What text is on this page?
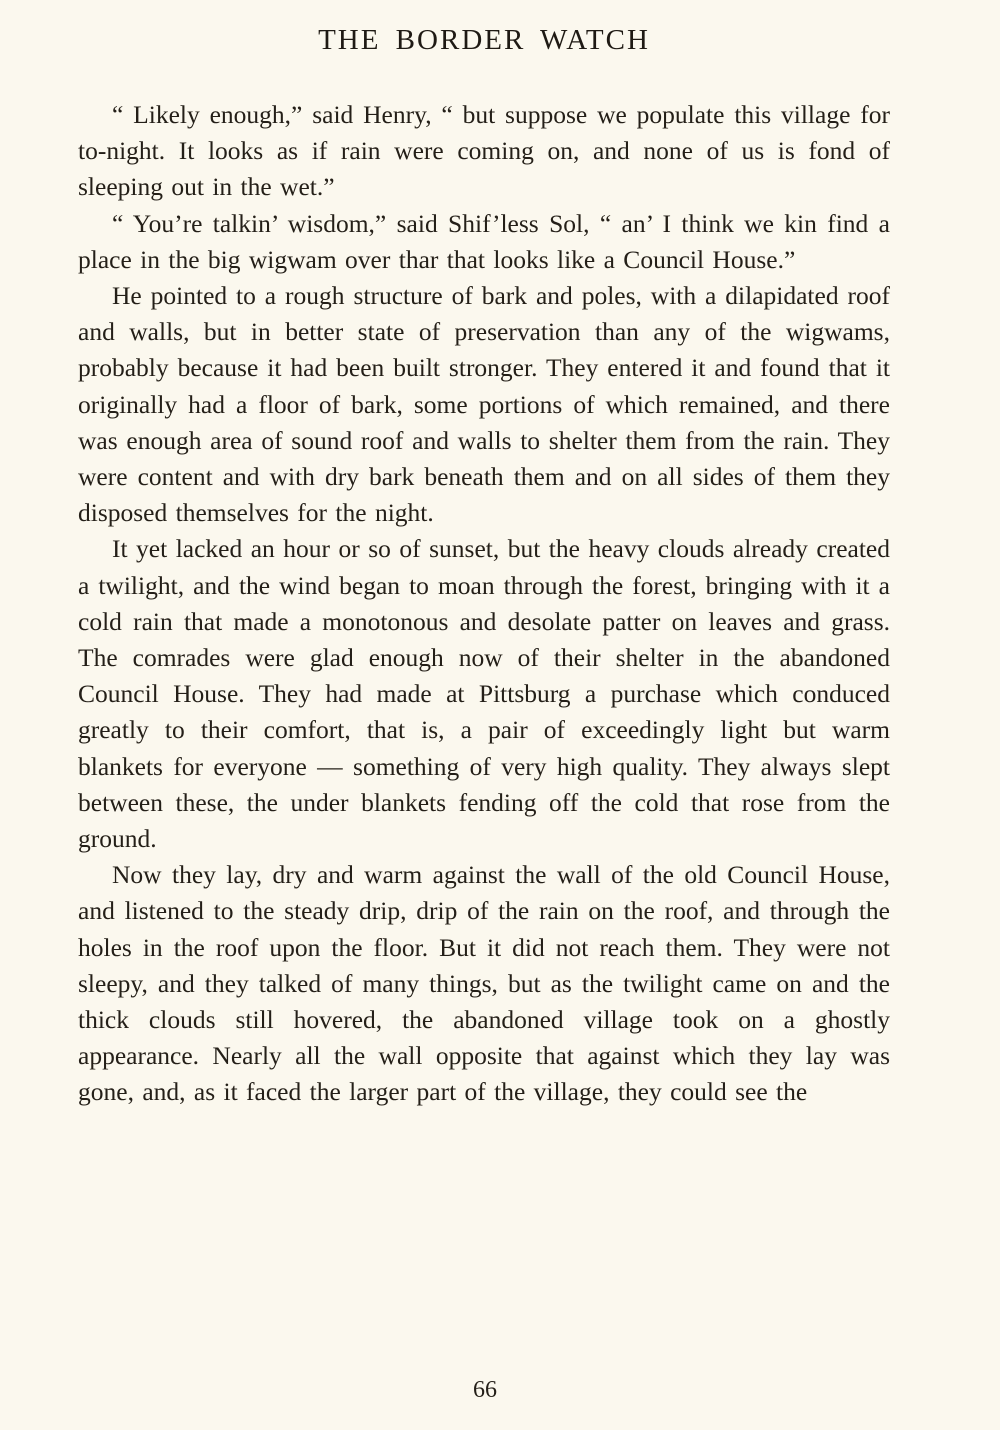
THE BORDER WATCH

“ Likely enough,” said Henry, “ but suppose we populate this village for to-night. It looks as if rain were coming on, and none of us is fond of sleeping out in the wet.”

“ You’re talkin’ wisdom,” said Shif’less Sol, “ an’ I think we kin find a place in the big wigwam over thar that looks like a Council House.”

He pointed to a rough structure of bark and poles, with a dilapidated roof and walls, but in better state of preservation than any of the wigwams, probably because it had been built stronger. They entered it and found that it originally had a floor of bark, some portions of which remained, and there was enough area of sound roof and walls to shelter them from the rain. They were content and with dry bark beneath them and on all sides of them they disposed themselves for the night.

It yet lacked an hour or so of sunset, but the heavy clouds already created a twilight, and the wind began to moan through the forest, bringing with it a cold rain that made a monotonous and desolate patter on leaves and grass. The comrades were glad enough now of their shelter in the abandoned Council House. They had made at Pittsburg a purchase which conduced greatly to their comfort, that is, a pair of exceedingly light but warm blankets for everyone — something of very high quality. They always slept between these, the under blankets fending off the cold that rose from the ground.

Now they lay, dry and warm against the wall of the old Council House, and listened to the steady drip, drip of the rain on the roof, and through the holes in the roof upon the floor. But it did not reach them. They were not sleepy, and they talked of many things, but as the twilight came on and the thick clouds still hovered, the abandoned village took on a ghostly appearance. Nearly all the wall opposite that against which they lay was gone, and, as it faced the larger part of the village, they could see the

66
